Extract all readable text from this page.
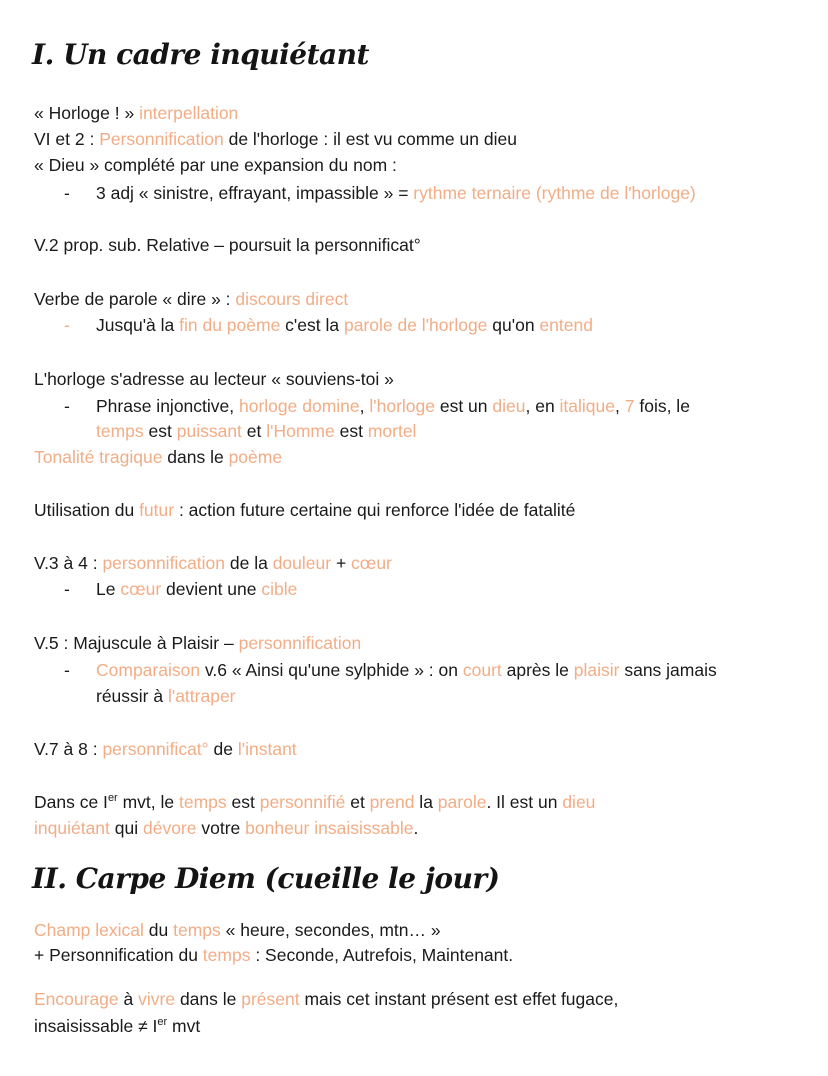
I. Un cadre inquiétant
« Horloge ! » interpellation
VI et 2 : Personnification de l'horloge : il est vu comme un dieu
« Dieu » complété par une expansion du nom :
- 3 adj « sinistre, effrayant, impassible » = rythme ternaire (rythme de l'horloge)
V.2 prop. sub. Relative – poursuit la personnificat°
Verbe de parole « dire » : discours direct
- Jusqu'à la fin du poème c'est la parole de l'horloge qu'on entend
L'horloge s'adresse au lecteur « souviens-toi »
- Phrase injonctive, horloge domine, l'horloge est un dieu, en italique, 7 fois, le
temps est puissant et l'Homme est mortel
Tonalité tragique dans le poème
Utilisation du futur : action future certaine qui renforce l'idée de fatalité
V.3 à 4 : personnification de la douleur + cœur
- Le cœur devient une cible
V.5 : Majuscule à Plaisir – personnification
- Comparaison v.6 « Ainsi qu'une sylphide » : on court après le plaisir sans jamais
réussir à l'attraper
V.7 à 8 : personnificat° de l'instant
Dans ce Ier mvt, le temps est personnifié et prend la parole. Il est un dieu
inquiétant qui dévore votre bonheur insaisissable.
II. Carpe Diem (cueille le jour)
Champ lexical du temps « heure, secondes, mtn… »
+ Personnification du temps : Seconde, Autrefois, Maintenant.
Encourage à vivre dans le présent mais cet instant présent est effet fugace,
insaisissable ≠ Ier mvt
